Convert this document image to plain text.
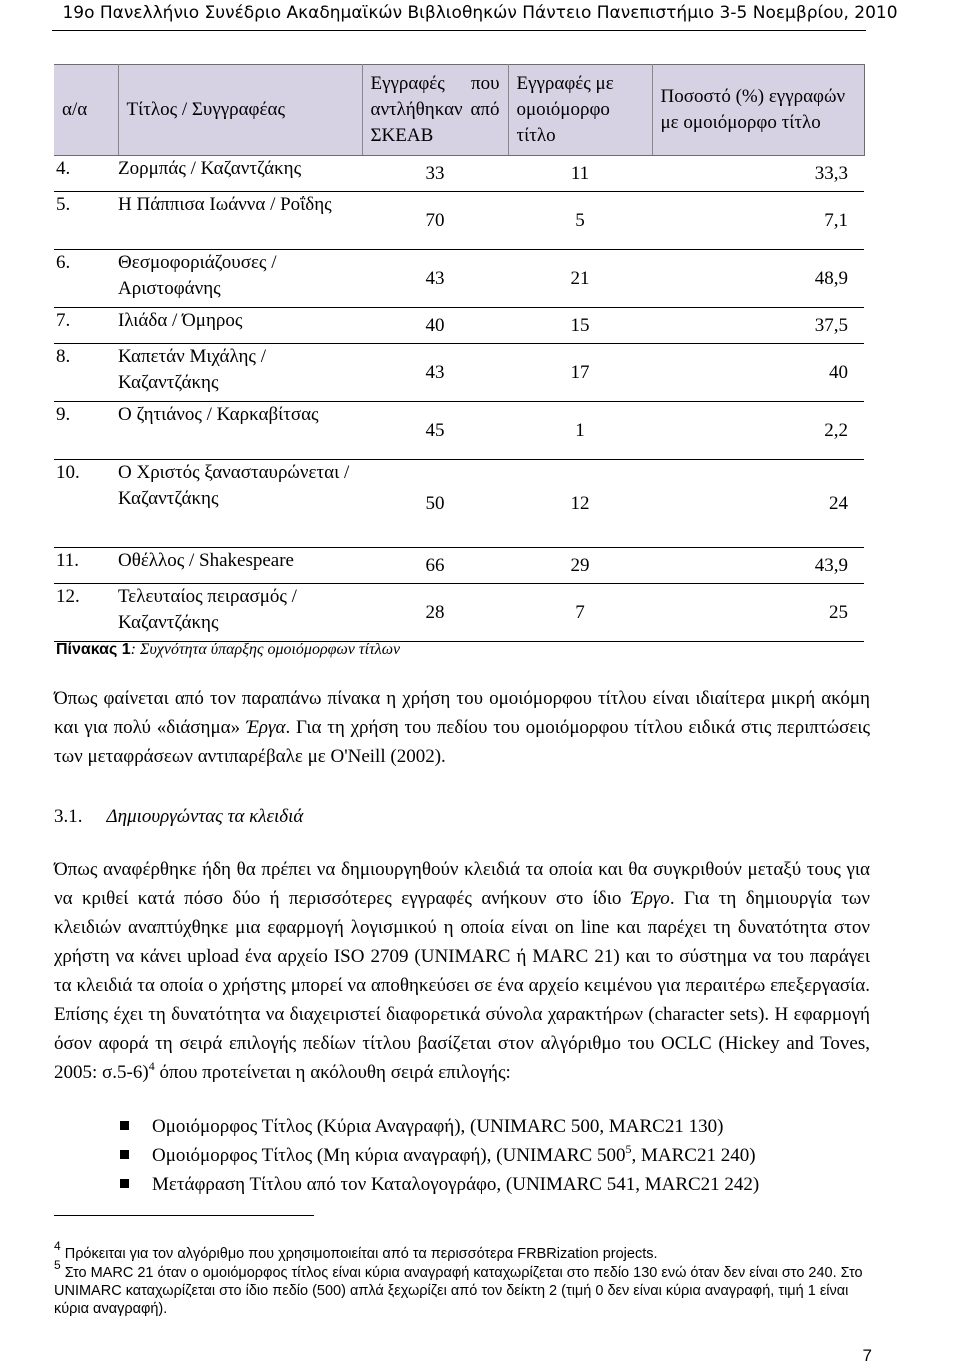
19ο Πανελλήνιο Συνέδριο Ακαδημαϊκών Βιβλιοθηκών Πάντειο Πανεπιστήμιο 3-5 Νοεμβρίου, 2010
α/α	Τίτλος / Συγγραφέας	Εγγραφές που αντλήθηκαν από ΣΚΕΑΒ	Εγγραφές με ομοιόμορφο τίτλο	Ποσοστό (%) εγγραφών με ομοιόμορφο τίτλο
4.	Ζορμπάς / Καζαντζάκης	33	11	33,3
5.	Η Πάππισα Ιωάννα / Ροΐδης	70	5	7,1
6.	Θεσμοφοριάζουσες / Αριστοφάνης	43	21	48,9
7.	Ιλιάδα / Όμηρος	40	15	37,5
8.	Καπετάν Μιχάλης / Καζαντζάκης	43	17	40
9.	Ο ζητιάνος / Καρκαβίτσας	45	1	2,2
10.	Ο Χριστός ξανασταυρώνεται / Καζαντζάκης	50	12	24
11.	Οθέλλος / Shakespeare	66	29	43,9
12.	Τελευταίος πειρασμός / Καζαντζάκης	28	7	25
Πίνακας 1: Συχνότητα ύπαρξης ομοιόμορφων τίτλων
Όπως φαίνεται από τον παραπάνω πίνακα η χρήση του ομοιόμορφου τίτλου είναι ιδιαίτερα μικρή ακόμη και για πολύ «διάσημα» Έργα. Για τη χρήση του πεδίου του ομοιόμορφου τίτλου ειδικά στις περιπτώσεις των μεταφράσεων αντιπαρέβαλε με O'Neill (2002).
3.1. Δημιουργώντας τα κλειδιά
Όπως αναφέρθηκε ήδη θα πρέπει να δημιουργηθούν κλειδιά τα οποία και θα συγκριθούν μεταξύ τους για να κριθεί κατά πόσο δύο ή περισσότερες εγγραφές ανήκουν στο ίδιο Έργο. Για τη δημιουργία των κλειδιών αναπτύχθηκε μια εφαρμογή λογισμικού η οποία είναι on line και παρέχει τη δυνατότητα στον χρήστη να κάνει upload ένα αρχείο ISO 2709 (UNIMARC ή MARC 21) και το σύστημα να του παράγει τα κλειδιά τα οποία ο χρήστης μπορεί να αποθηκεύσει σε ένα αρχείο κειμένου για περαιτέρω επεξεργασία. Επίσης έχει τη δυνατότητα να διαχειριστεί διαφορετικά σύνολα χαρακτήρων (character sets). Η εφαρμογή όσον αφορά τη σειρά επιλογής πεδίων τίτλου βασίζεται στον αλγόριθμο του OCLC (Hickey and Toves, 2005: σ.5-6)$^4$ όπου προτείνεται η ακόλουθη σειρά επιλογής:
Ομοιόμορφος Τίτλος (Κύρια Αναγραφή), (UNIMARC 500, MARC21 130)
Ομοιόμορφος Τίτλος (Μη κύρια αναγραφή), (UNIMARC $500^5$, MARC21 240)
Μετάφραση Τίτλου από τον Καταλογογράφο, (UNIMARC 541, MARC21 242)
$^4$ Πρόκειται για τον αλγόριθμο που χρησιμοποιείται από τα περισσότερα FRBRization projects.
$^5$ Στο MARC 21 όταν ο ομοιόμορφος τίτλος είναι κύρια αναγραφή καταχωρίζεται στο πεδίο 130 ενώ όταν δεν είναι στο 240. Στο UNIMARC καταχωρίζεται στο ίδιο πεδίο (500) απλά ξεχωρίζει από τον δείκτη 2 (τιμή 0 δεν είναι κύρια αναγραφή, τιμή 1 είναι κύρια αναγραφή).
7
